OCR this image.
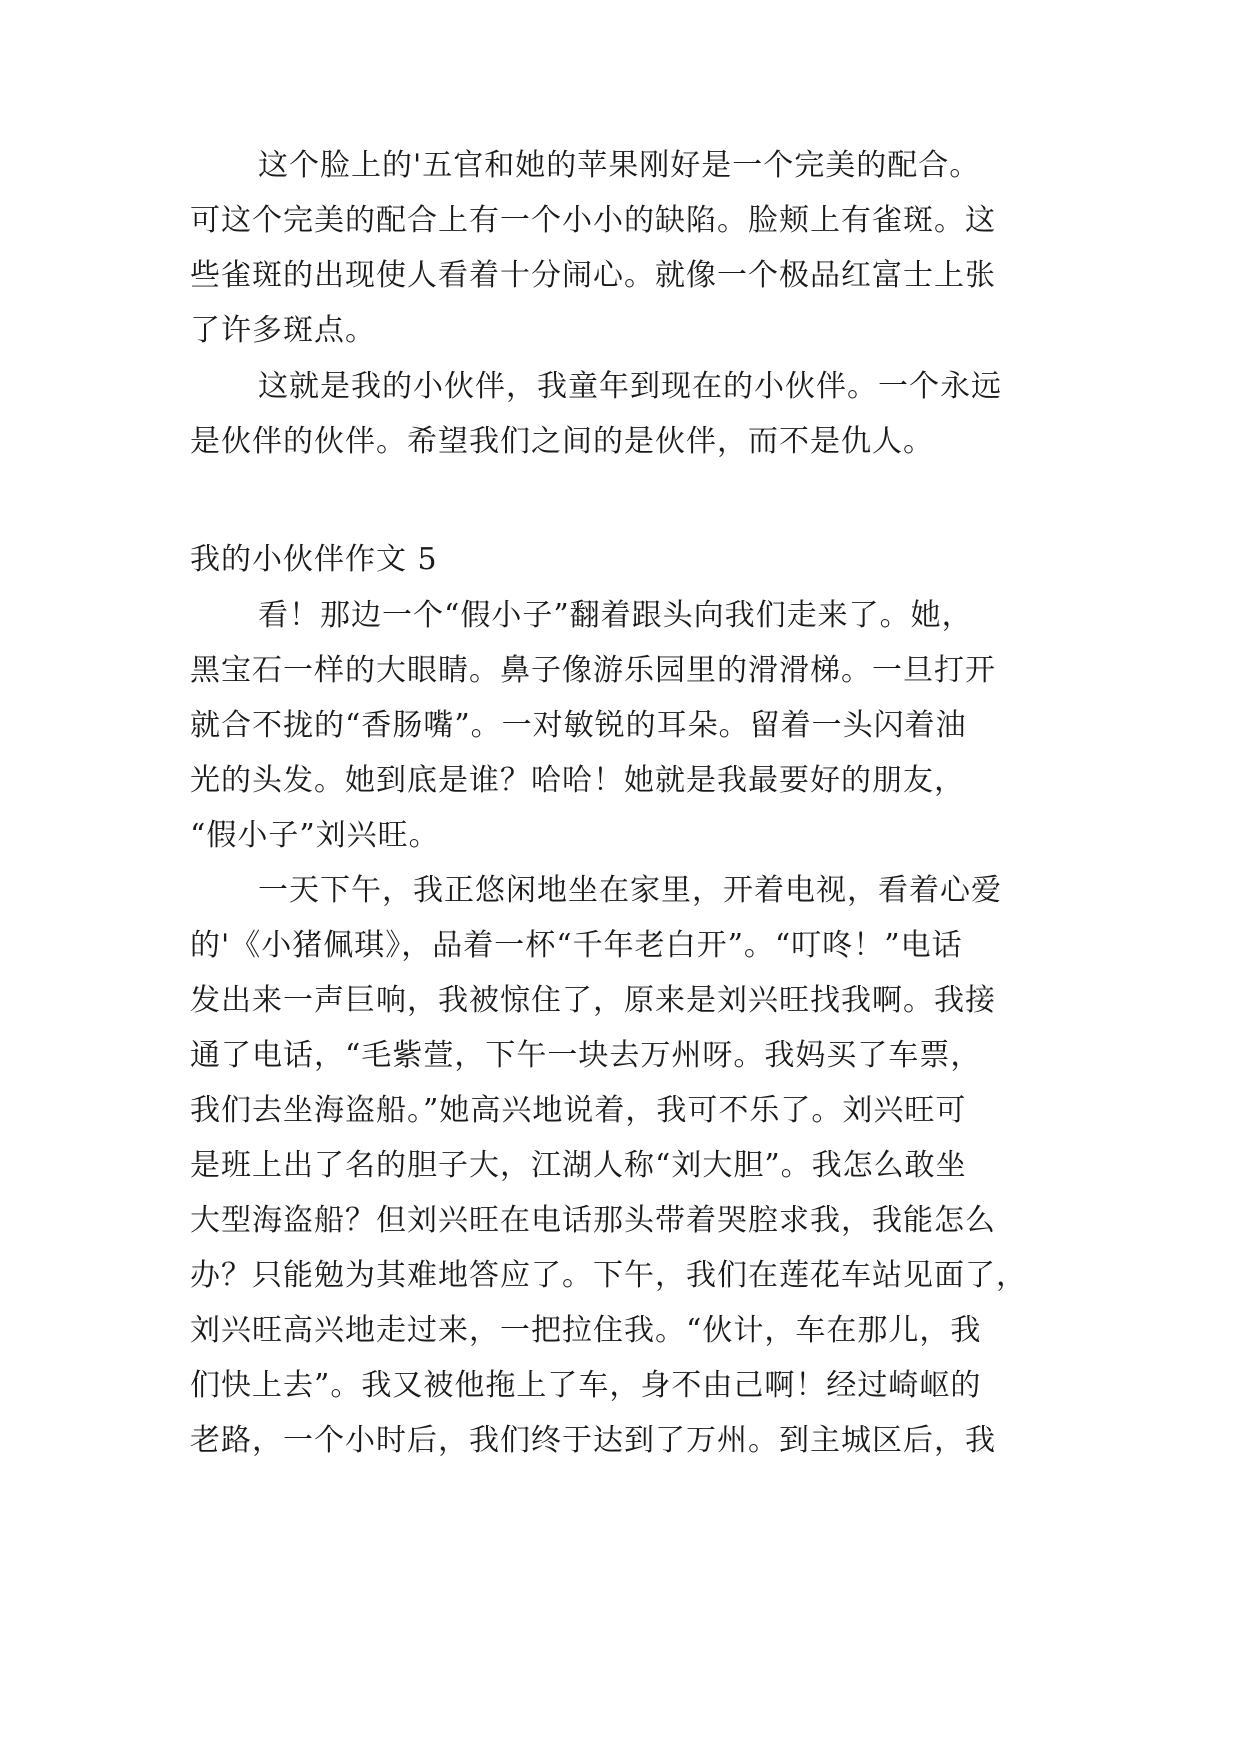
这个脸上的'五官和她的苹果刚好是一个完美的配合。
可这个完美的配合上有一个小小的缺陷。脸颊上有雀斑。这
些雀斑的出现使人看着十分闹心。就像一个极品红富士上张
了许多斑点。
这就是我的小伙伴，我童年到现在的小伙伴。一个永远
是伙伴的伙伴。希望我们之间的是伙伴，而不是仇人。
我的小伙伴作文 5
看！那边一个“假小子”翻着跟头向我们走来了。她，
黑宝石一样的大眼睛。鼻子像游乐园里的滑滑梯。一旦打开
就合不拢的“香肠嘴”。一对敏锐的耳朵。留着一头闪着油
光的头发。她到底是谁？哈哈！她就是我最要好的朋友，
“假小子”刘兴旺。
一天下午，我正悠闲地坐在家里，开着电视，看着心爱
的'《小猪佩琪》，品着一杯“千年老白开”。“叮咚！”电话
发出来一声巨响，我被惊住了，原来是刘兴旺找我啊。我接
通了电话，“毛紫萱，下午一块去万州呀。我妈买了车票，
我们去坐海盗船。”她高兴地说着，我可不乐了。刘兴旺可
是班上出了名的胆子大，江湖人称“刘大胆”。我怎么敢坐
大型海盗船？但刘兴旺在电话那头带着哭腔求我，我能怎么
办？只能勉为其难地答应了。下午，我们在莲花车站见面了，
刘兴旺高兴地走过来，一把拉住我。“伙计，车在那儿，我
们快上去”。我又被他拖上了车，身不由己啊！经过崎岖的
老路，一个小时后，我们终于达到了万州。到主城区后，我
